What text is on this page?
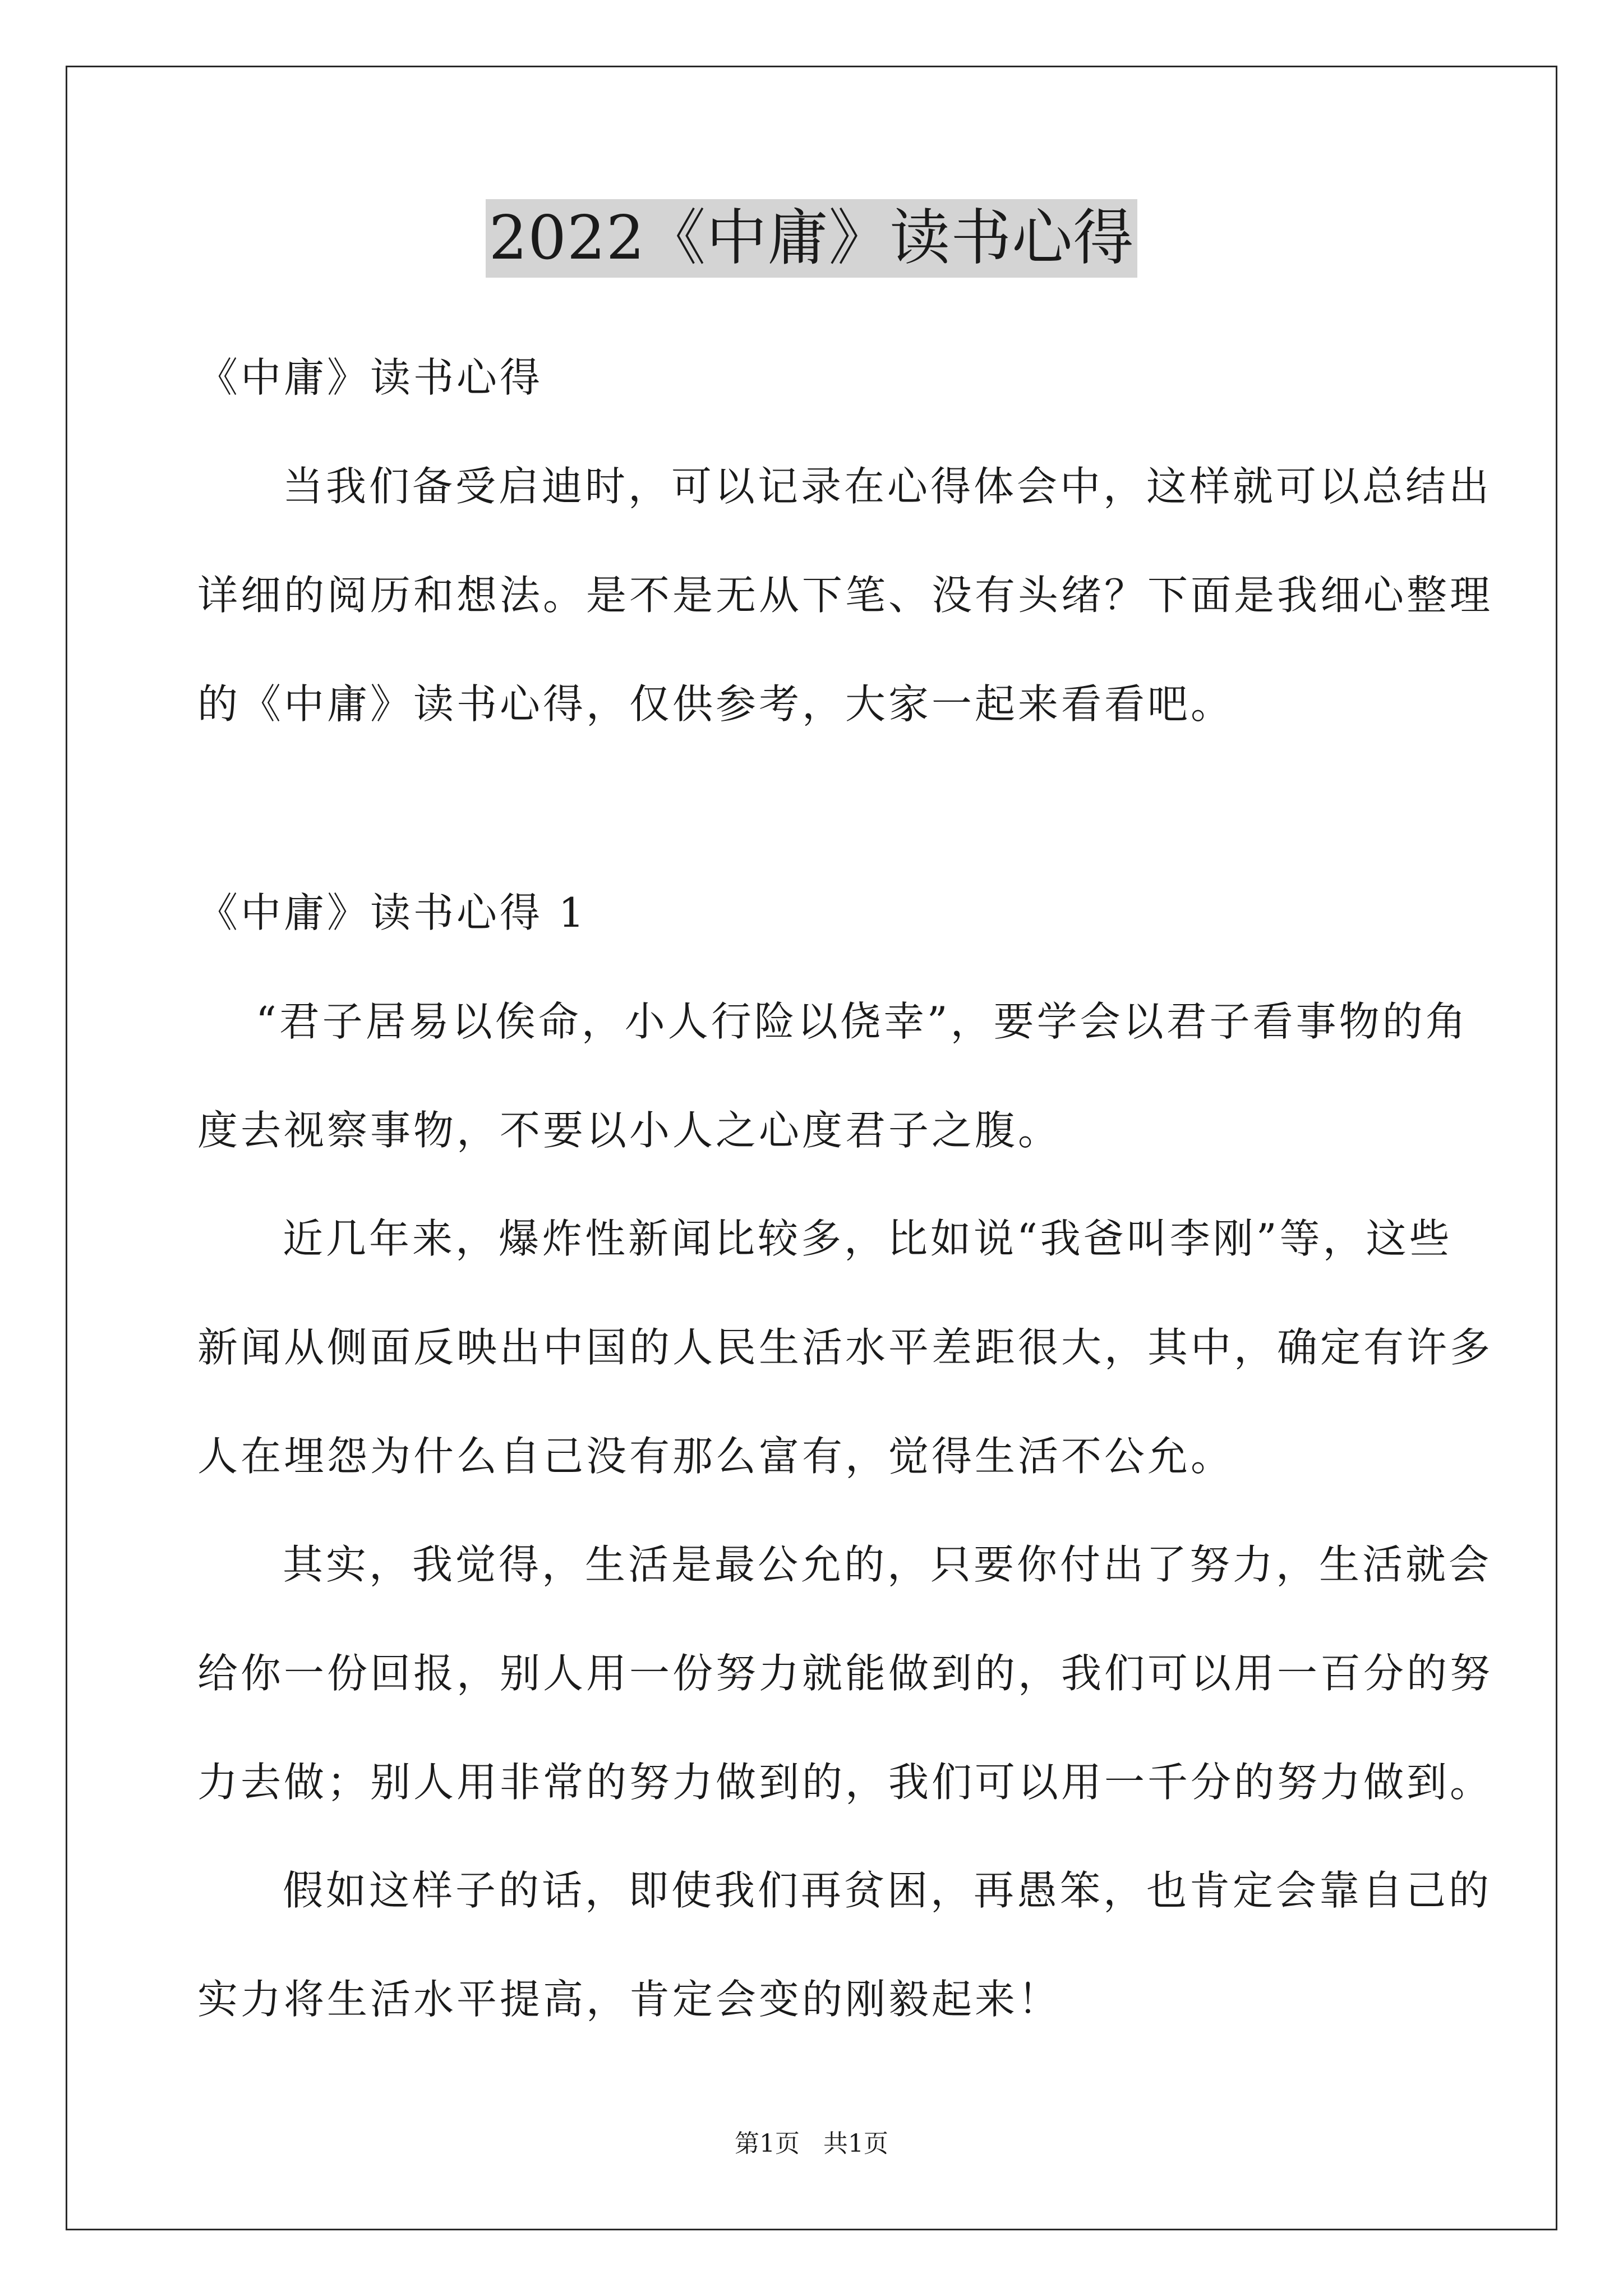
2022《中庸》读书心得
《中庸》读书心得
当我们备受启迪时，可以记录在心得体会中，这样就可以总结出
详细的阅历和想法。是不是无从下笔、没有头绪？下面是我细心整理
的《中庸》读书心得，仅供参考，大家一起来看看吧。
《中庸》读书心得 1
“君子居易以俟命，小人行险以侥幸”，要学会以君子看事物的角
度去视察事物，不要以小人之心度君子之腹。
近几年来，爆炸性新闻比较多，比如说“我爸叫李刚”等，这些
新闻从侧面反映出中国的人民生活水平差距很大，其中，确定有许多
人在埋怨为什么自己没有那么富有，觉得生活不公允。
其实，我觉得，生活是最公允的，只要你付出了努力，生活就会
给你一份回报，别人用一份努力就能做到的，我们可以用一百分的努
力去做；别人用非常的努力做到的，我们可以用一千分的努力做到。
假如这样子的话，即使我们再贫困，再愚笨，也肯定会靠自己的
实力将生活水平提高，肯定会变的刚毅起来！
第1页   共1页
